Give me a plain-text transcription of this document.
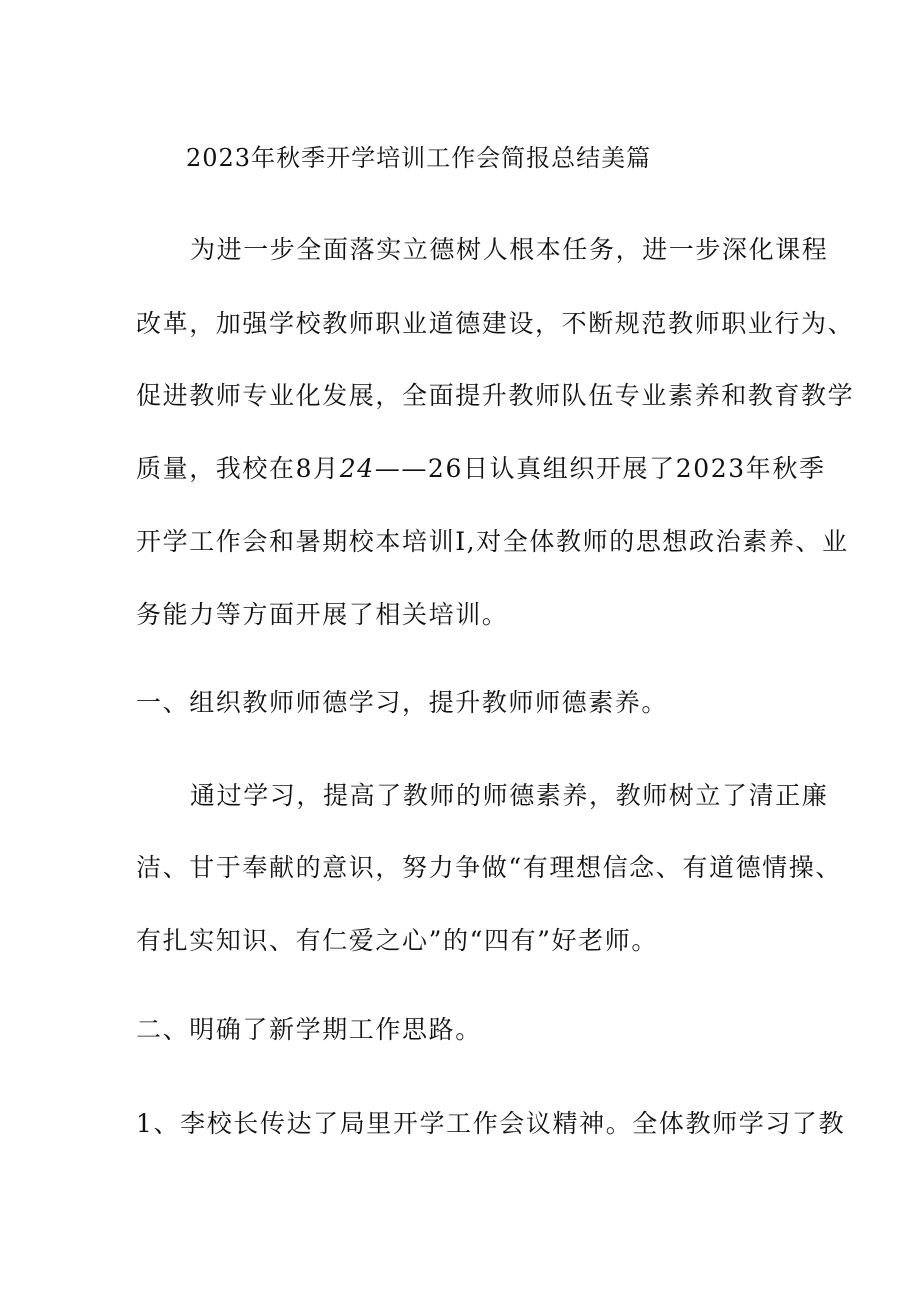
2023年秋季开学培训工作会简报总结美篇
为进一步全面落实立德树人根本任务，进一步深化课程
改革，加强学校教师职业道德建设，不断规范教师职业行为、
促进教师专业化发展，全面提升教师队伍专业素养和教育教学
质量，我校在8月24——26日认真组织开展了2023年秋季
开学工作会和暑期校本培训I,对全体教师的思想政治素养、业
务能力等方面开展了相关培训。
一、组织教师师德学习，提升教师师德素养。
通过学习，提高了教师的师德素养，教师树立了清正廉
洁、甘于奉献的意识，努力争做“有理想信念、有道德情操、
有扎实知识、有仁爱之心”的“四有”好老师。
二、明确了新学期工作思路。
1、李校长传达了局里开学工作会议精神。全体教师学习了教
